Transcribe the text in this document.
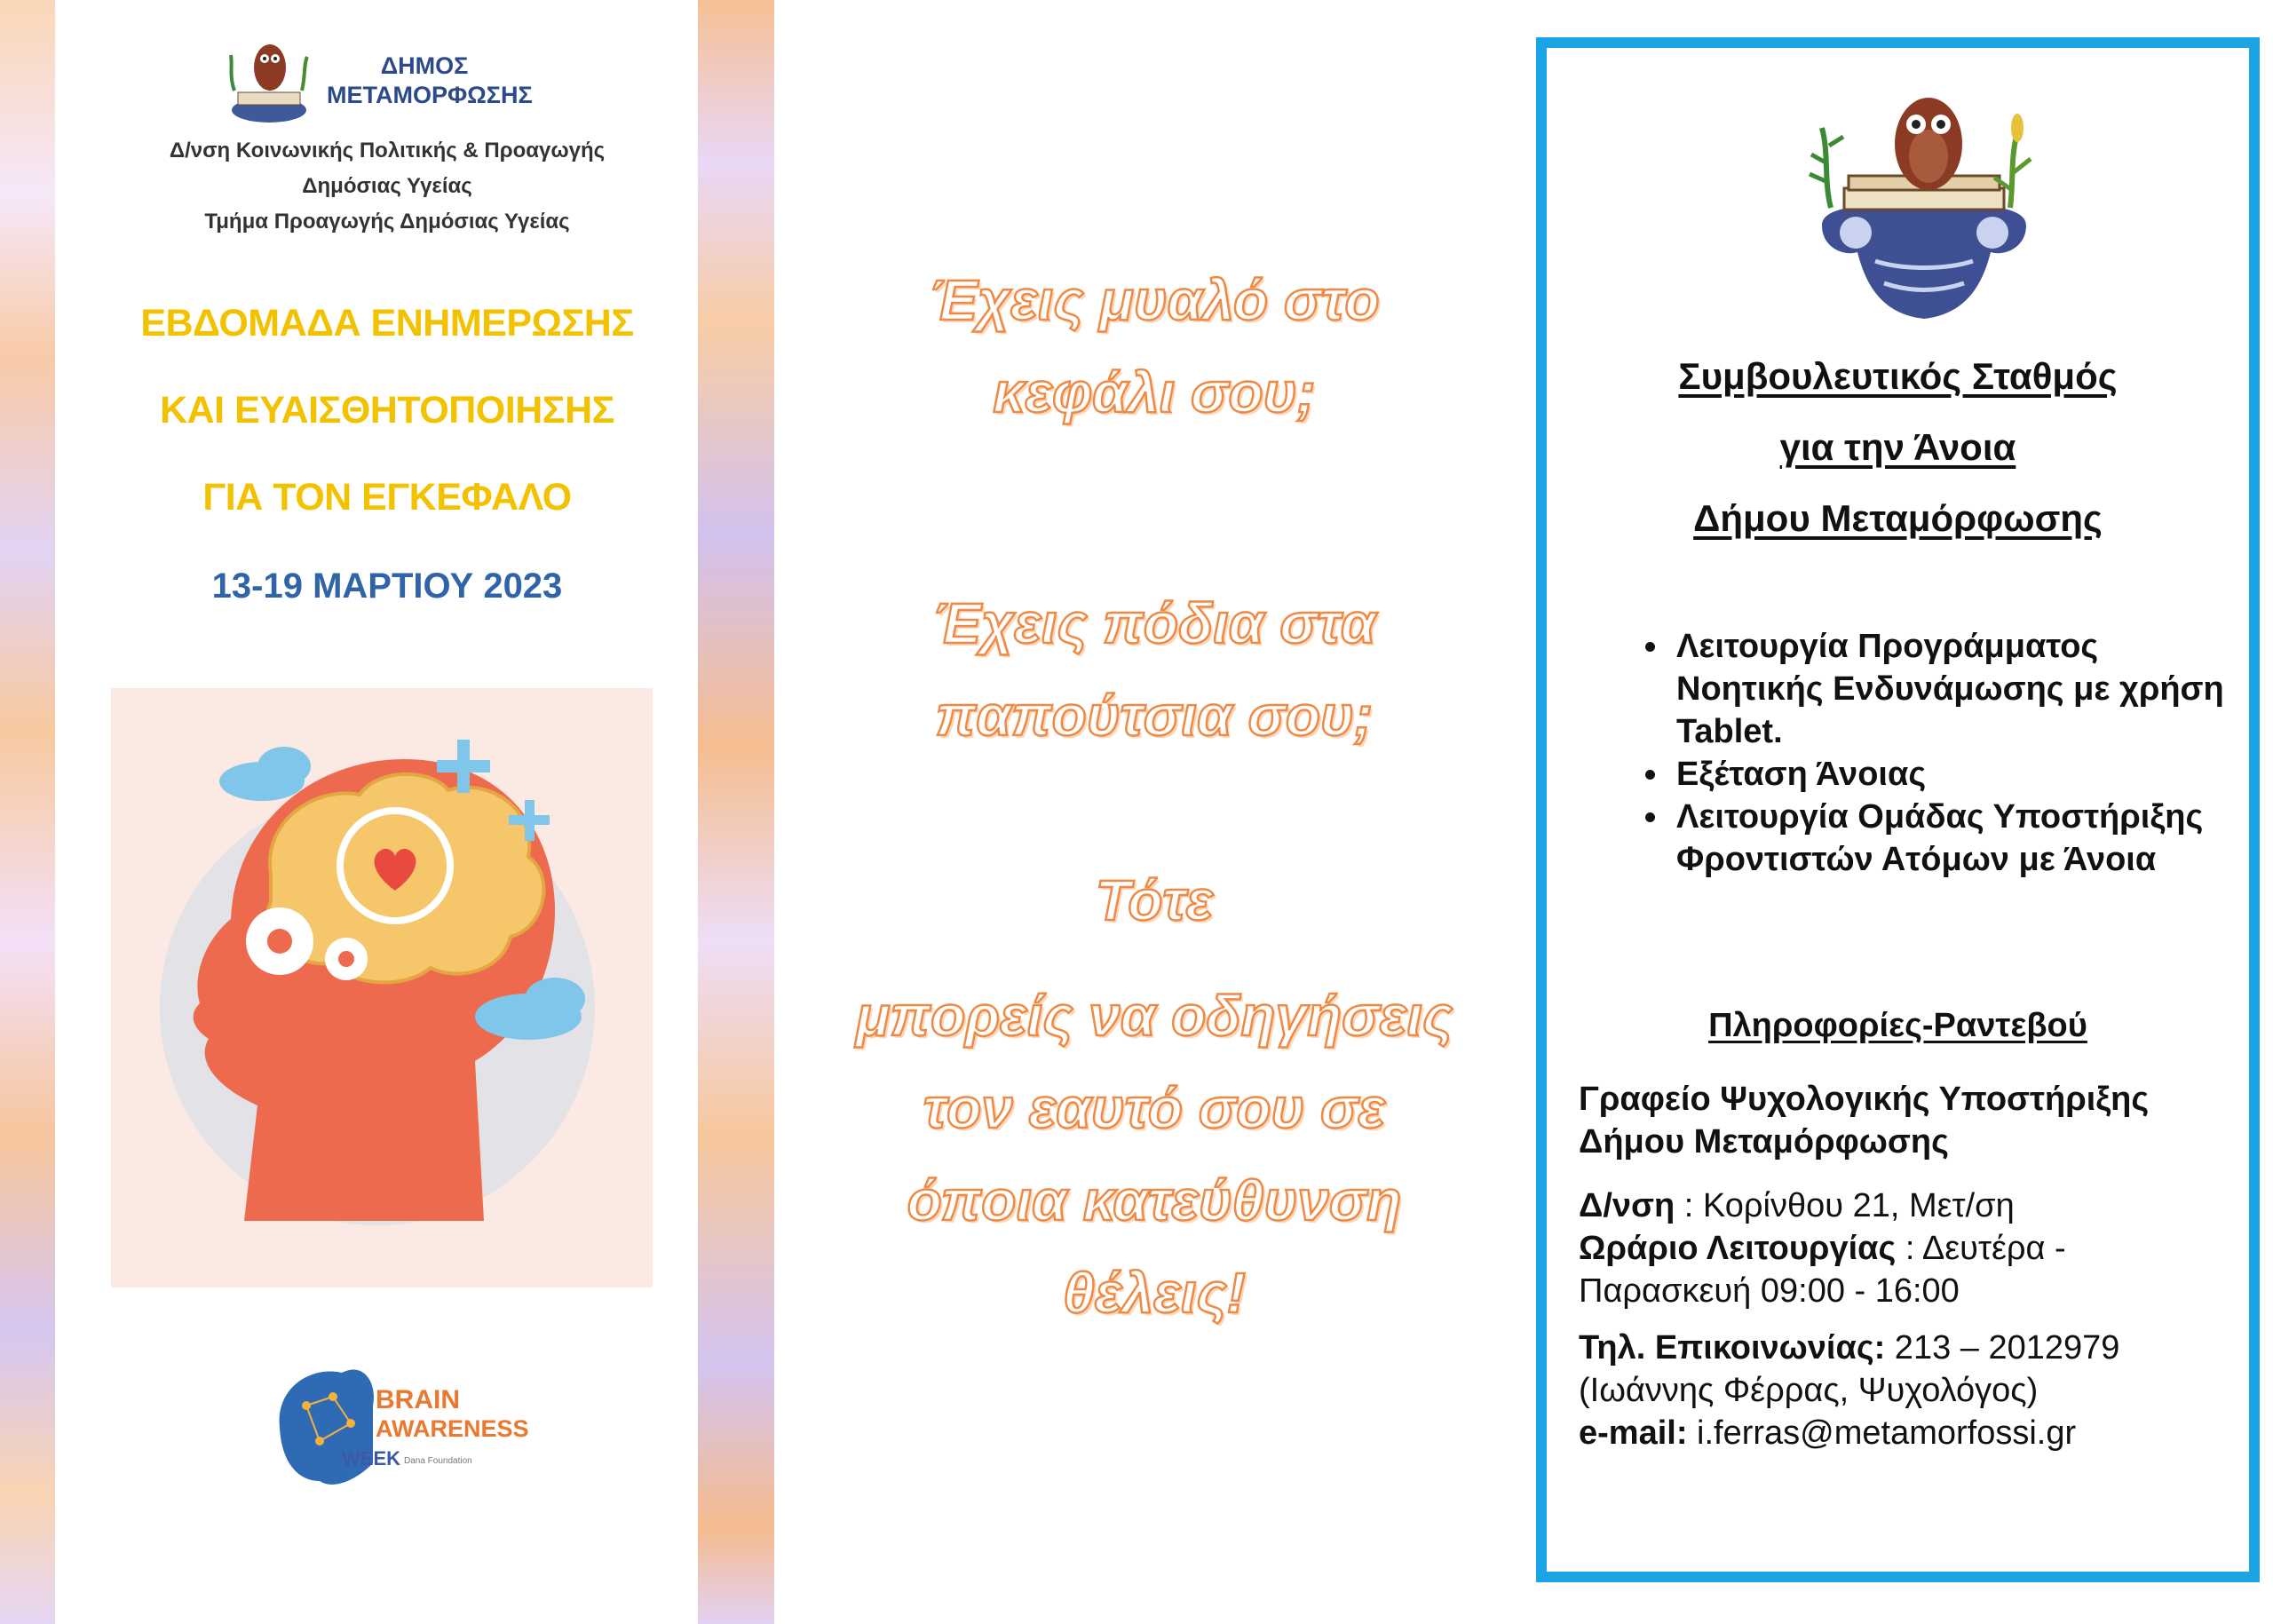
ΔΗΜΟΣ
ΜΕΤΑΜΟΡΦΩΣΗΣ
Δ/νση Κοινωνικής Πολιτικής & Προαγωγής
Δημόσιας Υγείας
Τμήμα Προαγωγής Δημόσιας Υγείας
ΕΒΔΟΜΑΔΑ ΕΝΗΜΕΡΩΣΗΣ
ΚΑΙ ΕΥΑΙΣΘΗΤΟΠΟΙΗΣΗΣ
ΓΙΑ ΤΟΝ ΕΓΚΕΦΑΛΟ
13-19 ΜΑΡΤΙΟΥ 2023
BRAIN
AWARENESS
WEEK Dana Foundation
Έχεις μυαλό στο
κεφάλι σου;
Έχεις πόδια στα
παπούτσια σου;
Τότε
μπορείς να οδηγήσεις
τον εαυτό σου σε
όποια κατεύθυνση
θέλεις!
Συμβουλευτικός Σταθμός
για την Άνοια
Δήμου Μεταμόρφωσης
• Λειτουργία Προγράμματος Νοητικής Ενδυνάμωσης με χρήση Tablet.
• Εξέταση Άνοιας
• Λειτουργία Ομάδας Υποστήριξης Φροντιστών Ατόμων με Άνοια
Πληροφορίες-Ραντεβού
Γραφείο Ψυχολογικής Υποστήριξης Δήμου Μεταμόρφωσης
Δ/νση : Κορίνθου 21, Μετ/ση
Ωράριο Λειτουργίας : Δευτέρα - Παρασκευή 09:00 - 16:00
Τηλ. Επικοινωνίας: 213 – 2012979
(Ιωάννης Φέρρας, Ψυχολόγος)
e-mail: i.ferras@metamorfossi.gr
